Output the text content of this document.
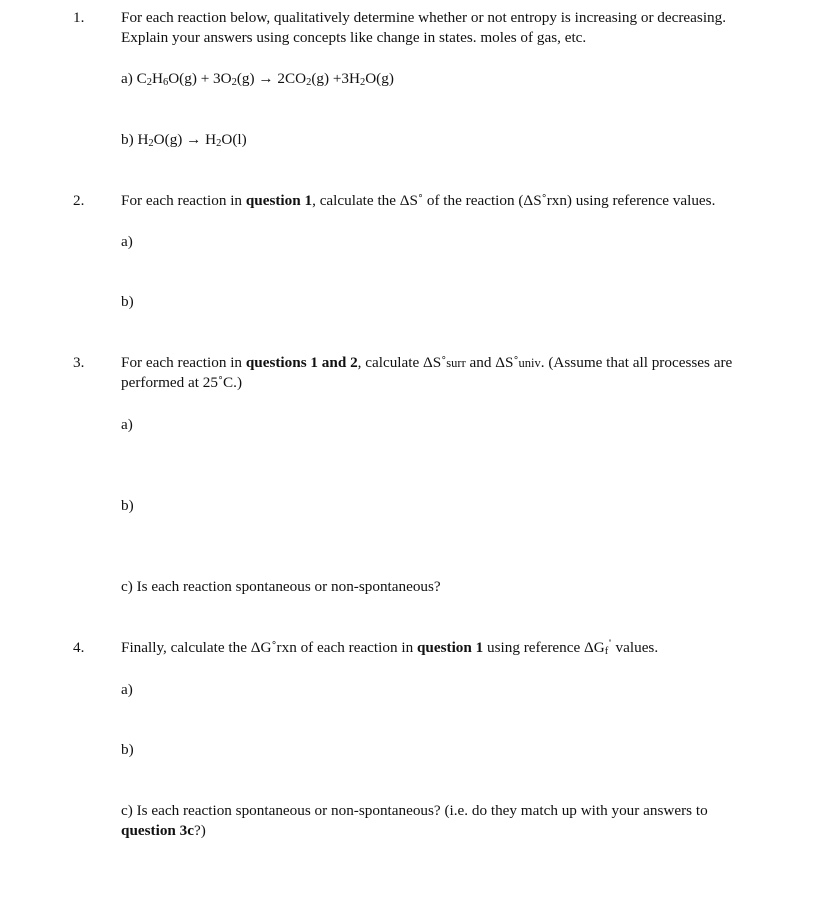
1. For each reaction below, qualitatively determine whether or not entropy is increasing or decreasing. Explain your answers using concepts like change in states. moles of gas, etc.
a) $C_2H_6O(g) + 3O_2(g) \to 2CO_2(g) +3H_2O(g)$
b) $H_2O(g) \to H_2O(l)$
2. For each reaction in question 1, calculate the ΔS˚ of the reaction (ΔS˚rxn) using reference values.
a)
b)
3. For each reaction in questions 1 and 2, calculate ΔS˚surr and ΔS˚univ. (Assume that all processes are performed at 25˚C.)
a)
b)
c) Is each reaction spontaneous or non-spontaneous?
4. Finally, calculate the ΔG˚rxn of each reaction in question 1 using reference $\Delta G_f^˚$ values.
a)
b)
c) Is each reaction spontaneous or non-spontaneous? (i.e. do they match up with your answers to
question 3c?)
